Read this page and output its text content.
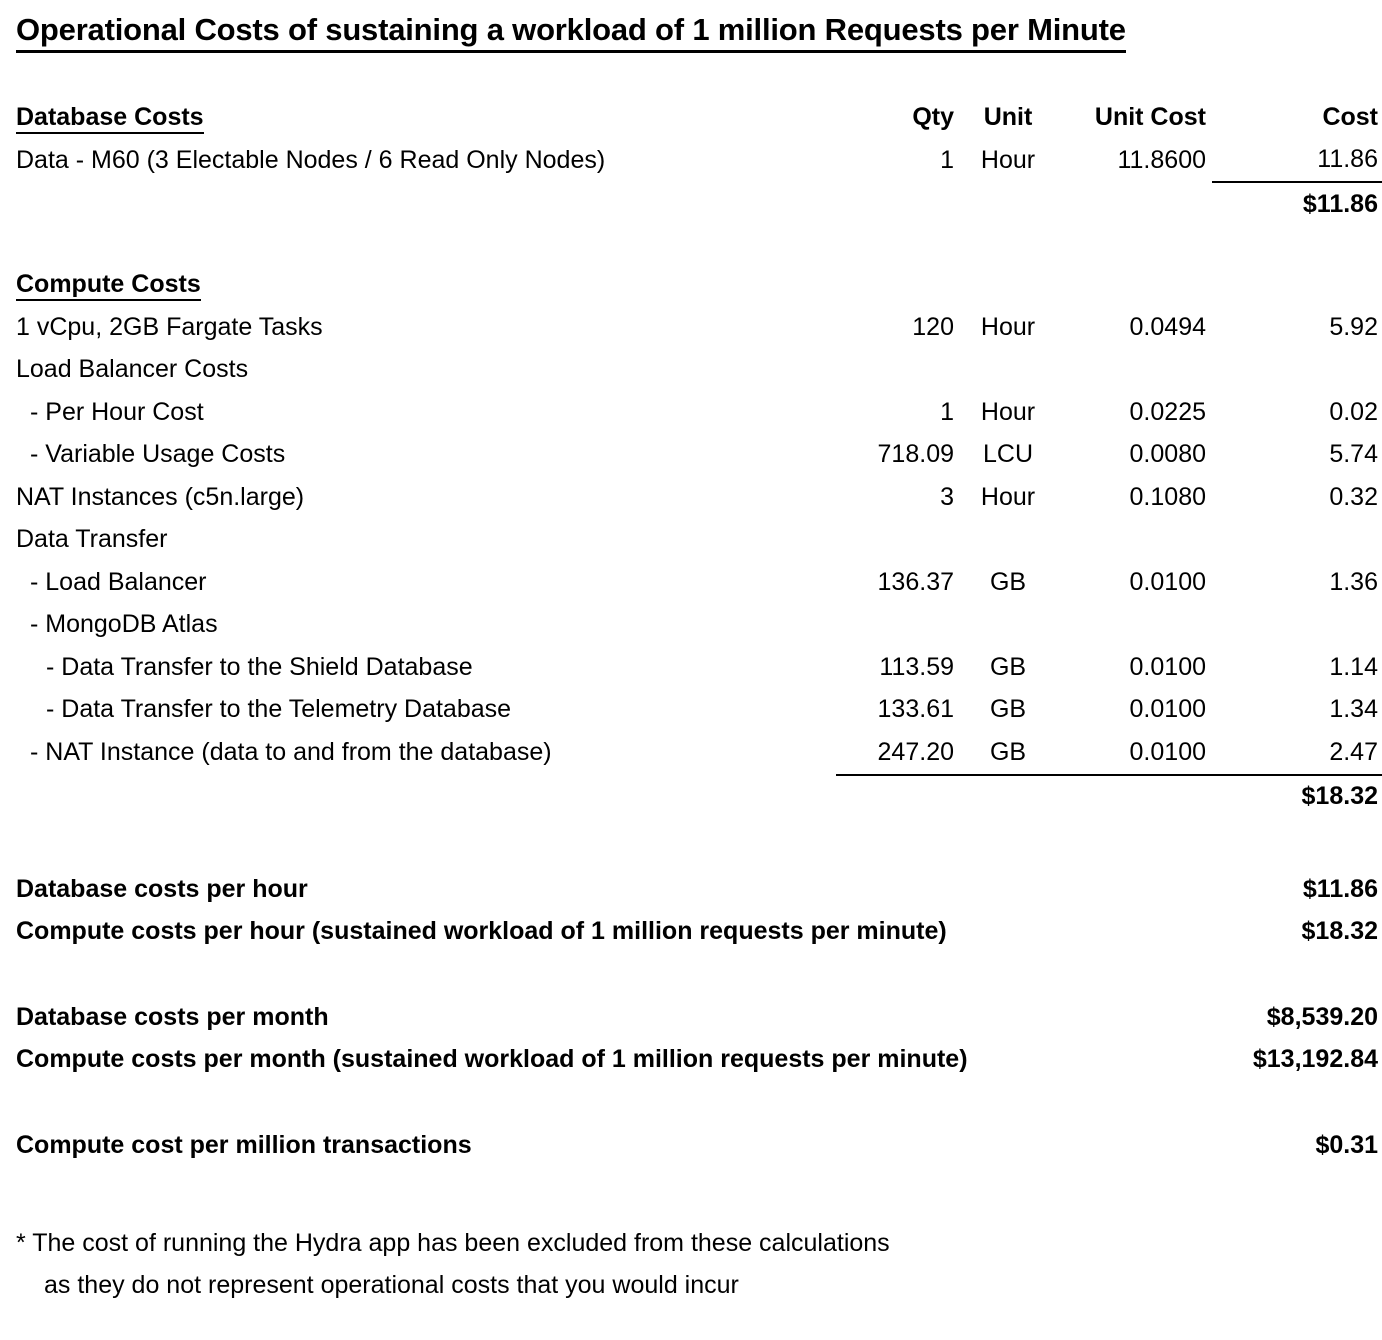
Operational Costs of sustaining a workload of 1 million Requests per Minute
Database Costs	Qty	Unit	Unit Cost	Cost
Data - M60 (3 Electable Nodes / 6 Read Only Nodes)	1	Hour	11.8600	11.86
				$11.86

Compute Costs				
1 vCpu, 2GB Fargate Tasks	120	Hour	0.0494	5.92
Load Balancer Costs				
- Per Hour Cost	1	Hour	0.0225	0.02
- Variable Usage Costs	718.09	LCU	0.0080	5.74
NAT Instances (c5n.large)	3	Hour	0.1080	0.32
Data Transfer				
- Load Balancer	136.37	GB	0.0100	1.36
- MongoDB Atlas				
- Data Transfer to the Shield Database	113.59	GB	0.0100	1.14
- Data Transfer to the Telemetry Database	133.61	GB	0.0100	1.34
- NAT Instance (data to and from the database)	247.20	GB	0.0100	2.47
				$18.32
Database costs per hour	$11.86
Compute costs per hour (sustained workload of 1 million requests per minute)	$18.32

Database costs per month	$8,539.20
Compute costs per month (sustained workload of 1 million requests per minute)	$13,192.84

Compute cost per million transactions	$0.31
* The cost of running the Hydra app has been excluded from these calculations
as they do not represent operational costs that you would incur
